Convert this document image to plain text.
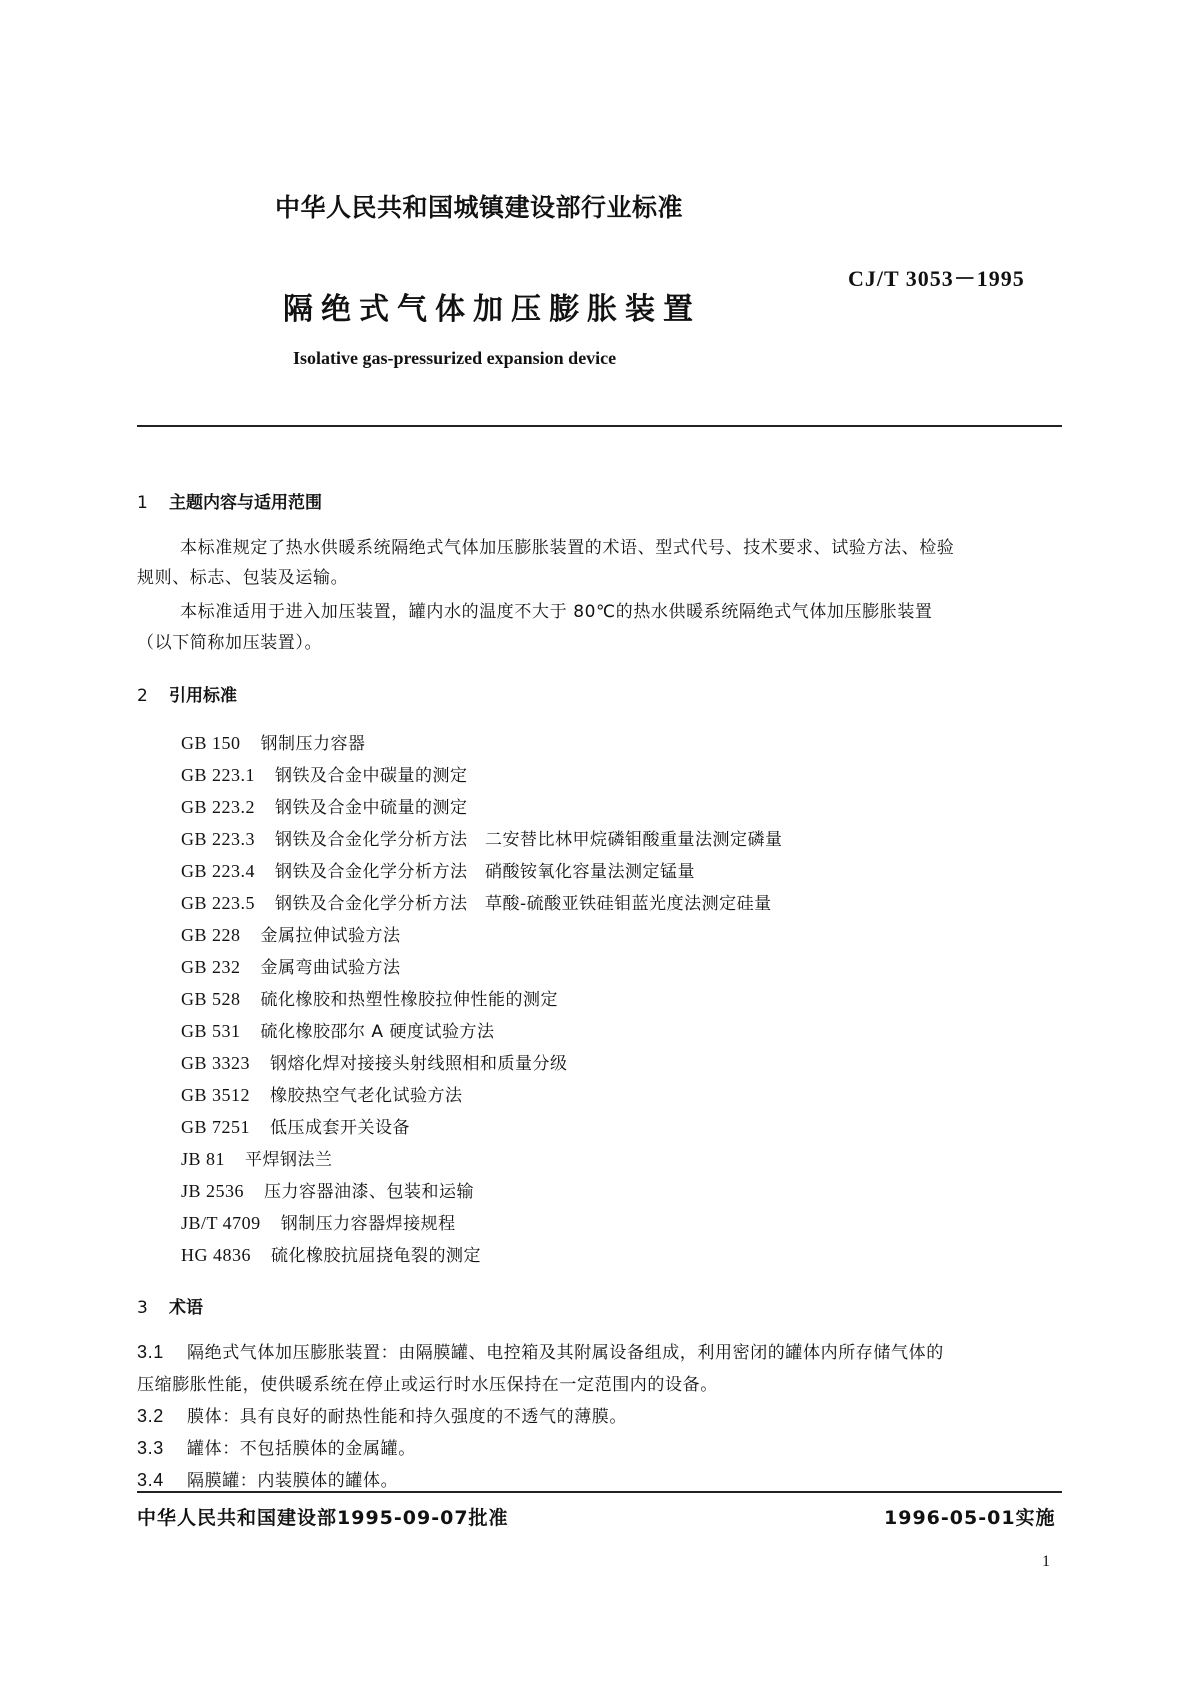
中华人民共和国城镇建设部行业标准
CJ/T 3053－1995
隔绝式气体加压膨胀装置
Isolative gas-pressurized expansion device
1 主题内容与适用范围
本标准规定了热水供暖系统隔绝式气体加压膨胀装置的术语、型式代号、技术要求、试验方法、检验
规则、标志、包装及运输。
本标准适用于进入加压装置，罐内水的温度不大于 80℃的热水供暖系统隔绝式气体加压膨胀装置
（以下简称加压装置）。
2 引用标准
GB 150 钢制压力容器
GB 223.1 钢铁及合金中碳量的测定
GB 223.2 钢铁及合金中硫量的测定
GB 223.3 钢铁及合金化学分析方法　二安替比林甲烷磷钼酸重量法测定磷量
GB 223.4 钢铁及合金化学分析方法　硝酸铵氧化容量法测定锰量
GB 223.5 钢铁及合金化学分析方法　草酸-硫酸亚铁硅钼蓝光度法测定硅量
GB 228 金属拉伸试验方法
GB 232 金属弯曲试验方法
GB 528 硫化橡胶和热塑性橡胶拉伸性能的测定
GB 531 硫化橡胶邵尔 A 硬度试验方法
GB 3323 钢熔化焊对接接头射线照相和质量分级
GB 3512 橡胶热空气老化试验方法
GB 7251 低压成套开关设备
JB 81 平焊钢法兰
JB 2536 压力容器油漆、包装和运输
JB/T 4709 钢制压力容器焊接规程
HG 4836 硫化橡胶抗屈挠龟裂的测定
3 术语
3.1 隔绝式气体加压膨胀装置：由隔膜罐、电控箱及其附属设备组成，利用密闭的罐体内所存储气体的
压缩膨胀性能，使供暖系统在停止或运行时水压保持在一定范围内的设备。
3.2 膜体：具有良好的耐热性能和持久强度的不透气的薄膜。
3.3 罐体：不包括膜体的金属罐。
3.4 隔膜罐：内装膜体的罐体。
中华人民共和国建设部1995-09-07批准	1996-05-01实施
1
